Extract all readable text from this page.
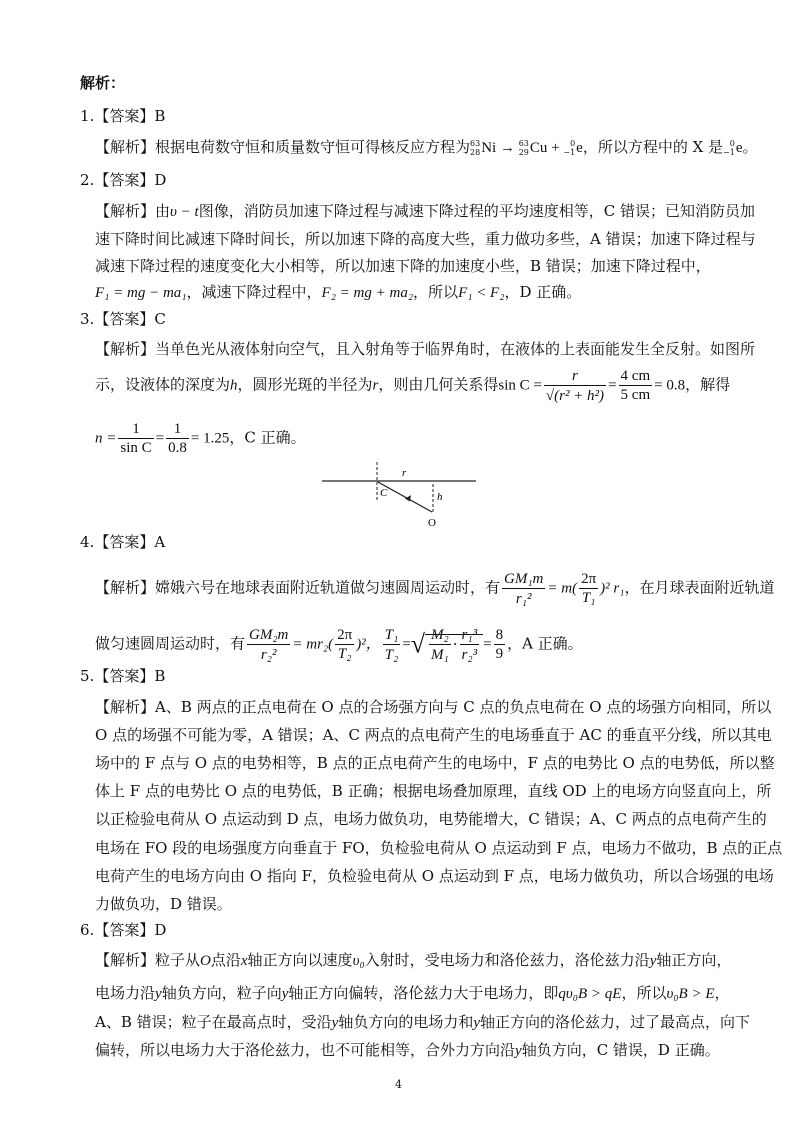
解析：
1.【答案】B
【解析】根据电荷数守恒和质量数守恒可得核反应方程为 63
28 Ni → 63
29 Cu + 0
−1 e，所以方程中的 X 是 0
−1 e。
2.【答案】D
【解析】由υ − t图像，消防员加速下降过程与减速下降过程的平均速度相等，C 错误；已知消防员加
速下降时间比减速下降时间长，所以加速下降的高度大些，重力做功多些，A 错误；加速下降过程与
减速下降过程的速度变化大小相等，所以加速下降的加速度小些，B 错误；加速下降过程中，
F₁ = mg − ma₁，减速下降过程中，F₂ = mg + ma₂，所以F₁ < F₂，D 正确。
3.【答案】C
【解析】当单色光从液体射向空气，且入射角等于临界角时，在液体的上表面能发生全反射。如图所
示，设液体的深度为h，圆形光斑的半径为r，则由几何关系得$\sin C = \frac{r}{\text{√(r² + h²)}} = \frac{4 cm}{5 cm} = 0.8$，解得
$n = \frac{1}{\text{sin C}} = \frac{1}{0.8} = 1.25$，C 正确。
r
C	h
O
4.【答案】A
【解析】嫦娥六号在地球表面附近轨道做匀速圆周运动时，有 $\frac{\text{GM₁m}}{\text{r₁²}} = m( \frac{2\pi}{\text{T₁}} )^2$ r₁，在月球表面附近轨道
做匀速圆周运动时，有 $\frac{\text{GM₂m}}{\text{r₂²}} = mr_2( \frac{2\pi}{\text{T₂}} )^2$， $\frac{\text{T₁}}{\text{T₂}}$ =√ $\frac{\text{M₂}}{\text{M₁}} \cdot \frac{\text{r₁³}}{\text{r₂³}} = \frac{8}{9}$ ，A 正确。
5.【答案】B
【解析】A、B 两点的正点电荷在 O 点的合场强方向与 C 点的负点电荷在 O 点的场强方向相同，所以
O 点的场强不可能为零，A 错误；A、C 两点的点电荷产生的电场垂直于 AC 的垂直平分线，所以其电
场中的 F 点与 O 点的电势相等，B 点的正点电荷产生的电场中，F 点的电势比 O 点的电势低，所以整
体上 F 点的电势比 O 点的电势低，B 正确；根据电场叠加原理，直线 OD 上的电场方向竖直向上，所
以正检验电荷从 O 点运动到 D 点，电场力做负功，电势能增大，C 错误；A、C 两点的点电荷产生的
电场在 FO 段的电场强度方向垂直于 FO，负检验电荷从 O 点运动到 F 点，电场力不做功，B 点的正点
电荷产生的电场方向由 O 指向 F，负检验电荷从 O 点运动到 F 点，电场力做负功，所以合场强的电场
力做负功，D 错误。
6.【答案】D
【解析】粒子从O点沿x轴正方向以速度υ₀入射时，受电场力和洛伦兹力，洛伦兹力沿y轴正方向，
电场力沿y轴负方向，粒子向y轴正方向偏转，洛伦兹力大于电场力，即qυ₀B > qE，所以υ₀B > E，
A、B 错误；粒子在最高点时，受沿y轴负方向的电场力和y轴正方向的洛伦兹力，过了最高点，向下
偏转，所以电场力大于洛伦兹力，也不可能相等，合外力方向沿y轴负方向，C 错误，D 正确。
4
